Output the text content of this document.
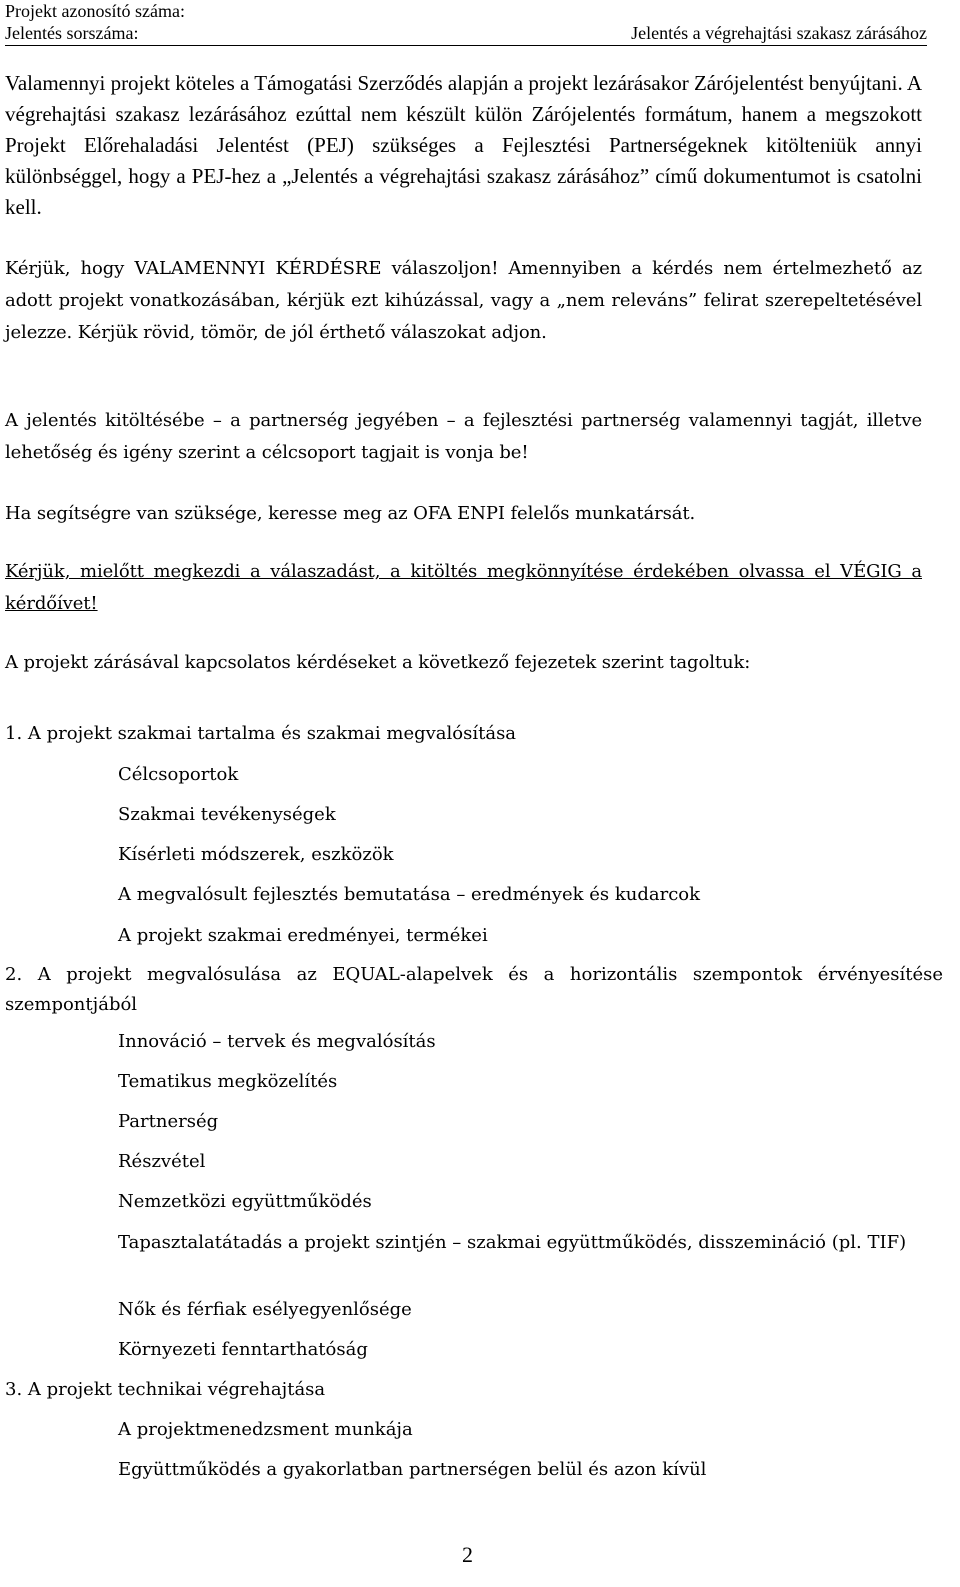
Projekt azonosító száma:
Jelentés sorszáma:	Jelentés a végrehajtási szakasz zárásához
Valamennyi projekt köteles a Támogatási Szerződés alapján a projekt lezárásakor Zárójelentést benyújtani. A végrehajtási szakasz lezárásához ezúttal nem készült külön Zárójelentés formátum, hanem a megszokott Projekt Előrehaladási Jelentést (PEJ) szükséges a Fejlesztési Partnerségeknek kitölteniük annyi különbséggel, hogy a PEJ-hez a „Jelentés a végrehajtási szakasz zárásához” című dokumentumot is csatolni kell.
Kérjük, hogy VALAMENNYI KÉRDÉSRE válaszoljon! Amennyiben a kérdés nem értelmezhető az adott projekt vonatkozásában, kérjük ezt kihúzással, vagy a „nem releváns” felirat szerepeltetésével jelezze. Kérjük rövid, tömör, de jól érthető válaszokat adjon.
A jelentés kitöltésébe – a partnerség jegyében – a fejlesztési partnerség valamennyi tagját, illetve lehetőség és igény szerint a célcsoport tagjait is vonja be!
Ha segítségre van szüksége, keresse meg az OFA ENPI felelős munkatársát.
Kérjük, mielőtt megkezdi a válaszadást, a kitöltés megkönnyítése érdekében olvassa el VÉGIG a kérdőívet!
A projekt zárásával kapcsolatos kérdéseket a következő fejezetek szerint tagoltuk:
1. A projekt szakmai tartalma és szakmai megvalósítása
Célcsoportok
Szakmai tevékenységek
Kísérleti módszerek, eszközök
A megvalósult fejlesztés bemutatása – eredmények és kudarcok
A projekt szakmai eredményei, termékei
2. A projekt megvalósulása az EQUAL-alapelvek és a horizontális szempontok érvényesítése szempontjából
Innováció – tervek és megvalósítás
Tematikus megközelítés
Partnerség
Részvétel
Nemzetközi együttműködés
Tapasztalatátadás a projekt szintjén – szakmai együttműködés, disszemináció (pl. TIF)
Nők és férfiak esélyegyenlősége
Környezeti fenntarthatóság
3. A projekt technikai végrehajtása
A projektmenedzsment munkája
Együttműködés a gyakorlatban partnerségen belül és azon kívül
2
